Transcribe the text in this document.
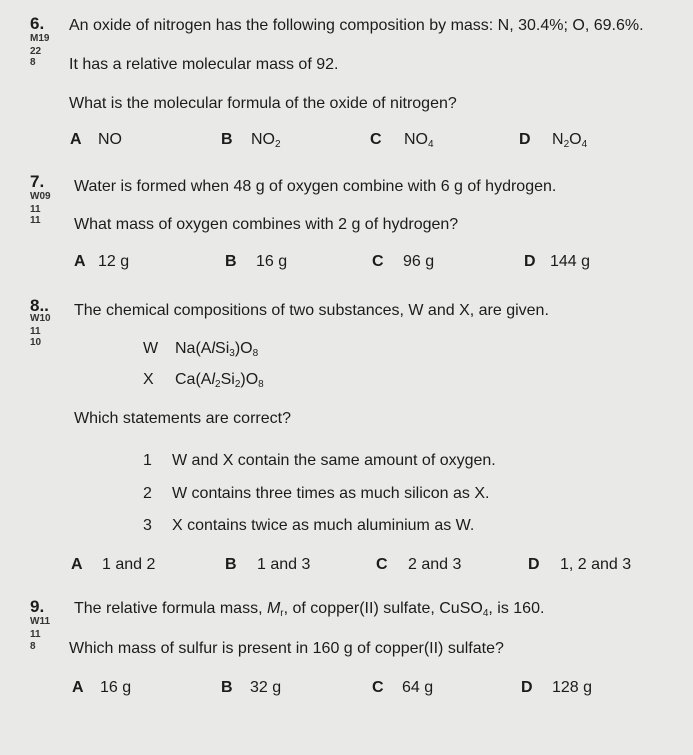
6.
M19
22
8
An oxide of nitrogen has the following composition by mass: N, 30.4%; O, 69.6%.
It has a relative molecular mass of 92.
What is the molecular formula of the oxide of nitrogen?
A NO	B $NO_2$	C $NO_4$	D $N_2O_4$
7.
W09
11
11
Water is formed when 48 g of oxygen combine with 6 g of hydrogen.
What mass of oxygen combines with 2 g of hydrogen?
A 12 g	B 16 g	C 96 g	D 144 g
8..
W10
11
10
The chemical compositions of two substances, W and X, are given.
W $Na(AlSi_3)O_8$
X $Ca(Al_2Si_2)O_8$
Which statements are correct?
1 W and X contain the same amount of oxygen.
2 W contains three times as much silicon as X.
3 X contains twice as much aluminium as W.
A 1 and 2	B 1 and 3	C 2 and 3	D 1, 2 and 3
9.
W11
11
8
The relative formula mass, $M_r$, of copper(II) sulfate, CuSO$_4$, is 160.
Which mass of sulfur is present in 160 g of copper(II) sulfate?
A 16 g	B 32 g	C 64 g	D 128 g
